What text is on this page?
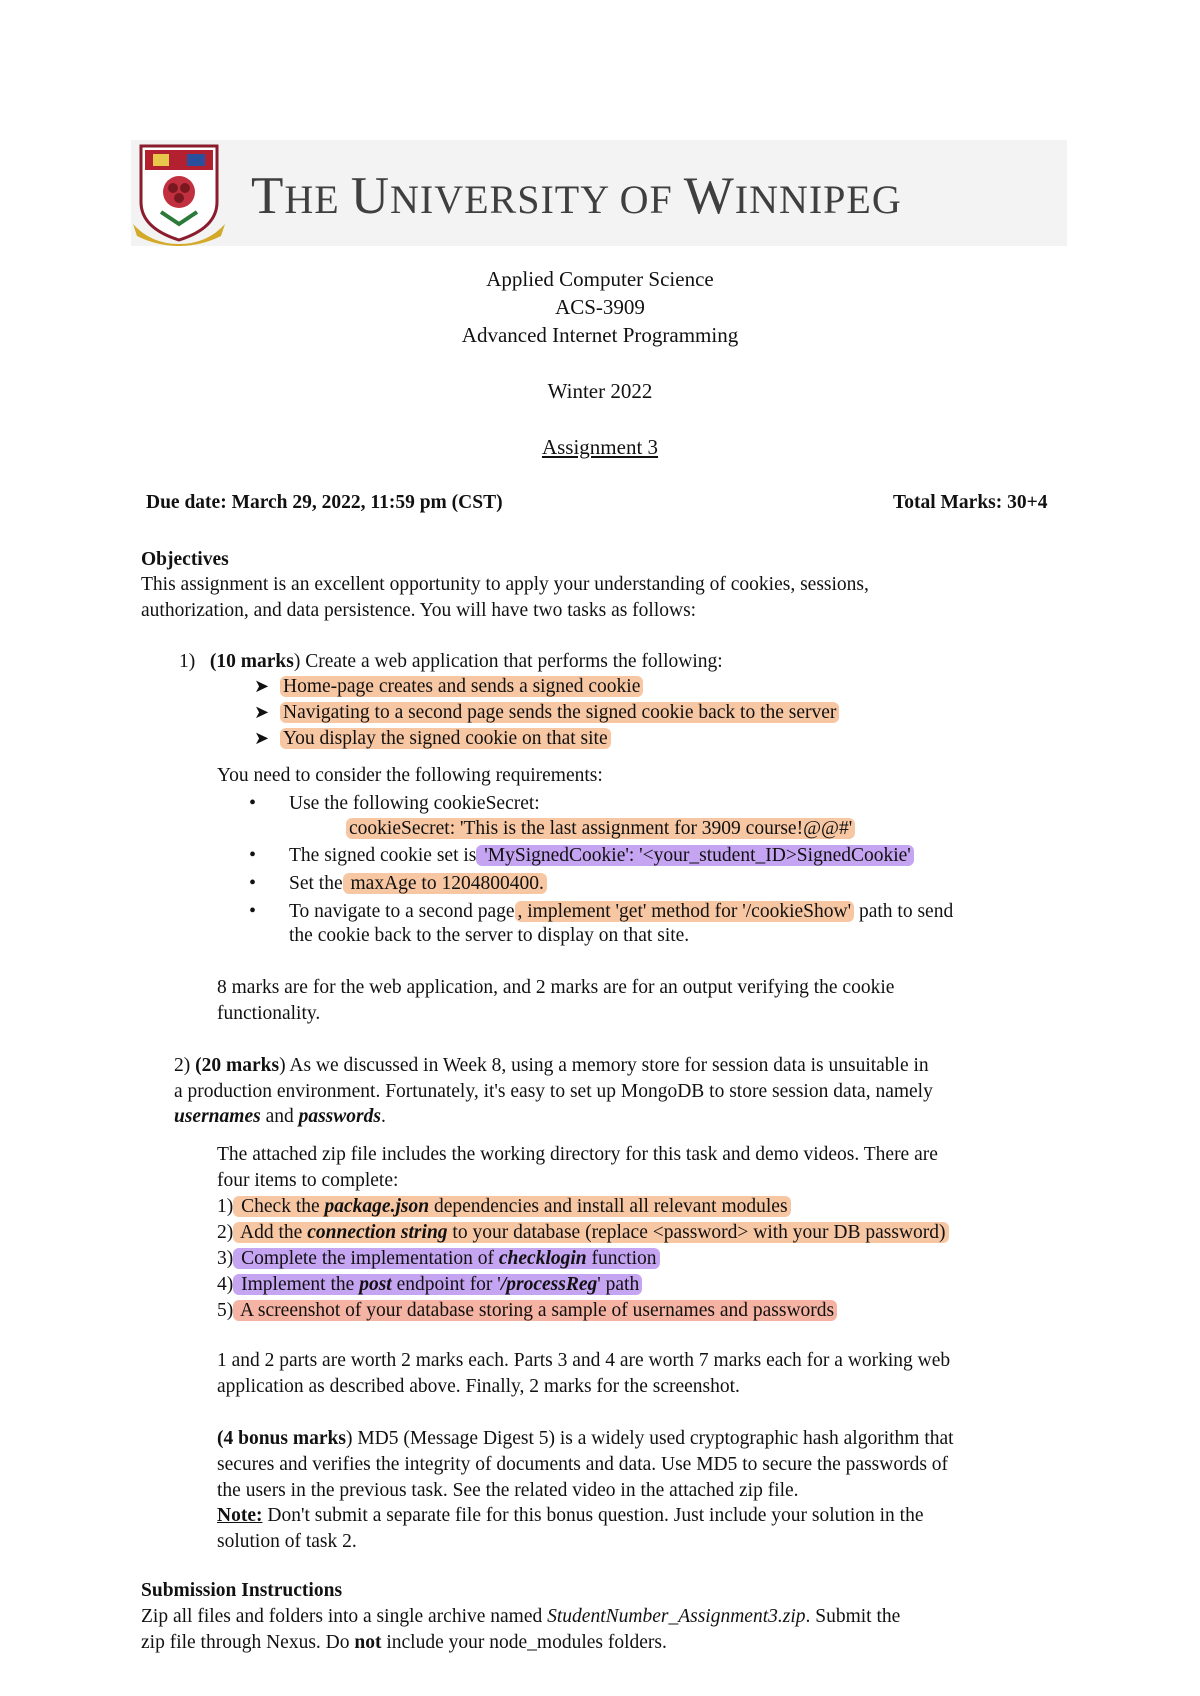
THE UNIVERSITY OF WINNIPEG
Applied Computer Science
ACS-3909
Advanced Internet Programming
Winter 2022
Assignment 3
Due date: March 29, 2022, 11:59 pm (CST)	Total Marks: 30+4
Objectives
This assignment is an excellent opportunity to apply your understanding of cookies, sessions,
authorization, and data persistence. You will have two tasks as follows:
1) (10 marks) Create a web application that performs the following:
➤ Home-page creates and sends a signed cookie
➤ Navigating to a second page sends the signed cookie back to the server
➤ You display the signed cookie on that site
You need to consider the following requirements:
• Use the following cookieSecret:
cookieSecret: 'This is the last assignment for 3909 course!@@#'
• The signed cookie set is 'MySignedCookie': '<your_student_ID>SignedCookie'
• Set the maxAge to 1204800400.
• To navigate to a second page , implement 'get' method for '/cookieShow' path to send
the cookie back to the server to display on that site.
8 marks are for the web application, and 2 marks are for an output verifying the cookie
functionality.
2) (20 marks) As we discussed in Week 8, using a memory store for session data is unsuitable in
a production environment. Fortunately, it's easy to set up MongoDB to store session data, namely
usernames and passwords.
The attached zip file includes the working directory for this task and demo videos. There are
four items to complete:
1) Check the package.json dependencies and install all relevant modules
2) Add the connection string to your database (replace <password> with your DB password)
3) Complete the implementation of checklogin function
4) Implement the post endpoint for '/processReg' path
5) A screenshot of your database storing a sample of usernames and passwords
1 and 2 parts are worth 2 marks each. Parts 3 and 4 are worth 7 marks each for a working web
application as described above. Finally, 2 marks for the screenshot.
(4 bonus marks) MD5 (Message Digest 5) is a widely used cryptographic hash algorithm that
secures and verifies the integrity of documents and data. Use MD5 to secure the passwords of
the users in the previous task. See the related video in the attached zip file.
Note: Don't submit a separate file for this bonus question. Just include your solution in the
solution of task 2.
Submission Instructions
Zip all files and folders into a single archive named StudentNumber_Assignment3.zip. Submit the
zip file through Nexus. Do not include your node_modules folders.
